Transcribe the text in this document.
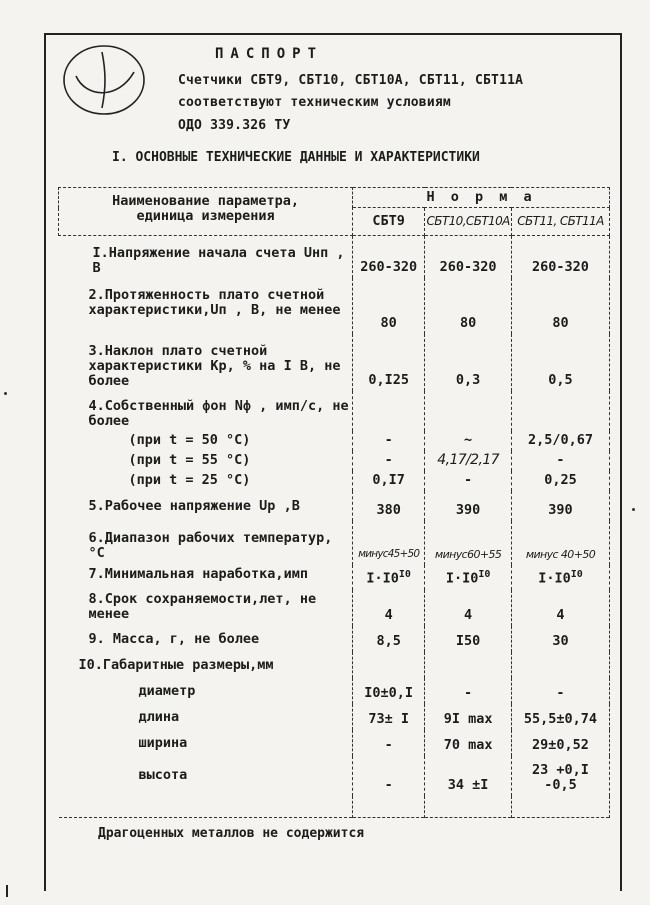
ПАСПОРТ
Счетчики СБТ9, СБТ10, СБТ10А, СБТ11, СБТ11А
соответствуют техническим условиям
ОДО 339.326 ТУ
I. ОСНОВНЫЕ ТЕХНИЧЕСКИЕ ДАННЫЕ И ХАРАКТЕРИСТИКИ
Наименование параметра, единица измерения	Н о р м а		
	СБТ9	СБТ10,СБТ10А	СБТ11, СБТ11А
I.Напряжение начала счета Uнп , В	260-320	260-320	260-320
2.Протяженность плато счетной характеристики,Uп , В, не менее	80	80	80
3.Наклон плато счетной характеристики Кр, % на I В, не более	0,I25	0,3	0,5
4.Собственный фон Nф , имп/с, не более			
(при t = 50 °С)	-	~	2,5/0,67
(при t = 55 °С)	-	4,17/2,17	-
(при t = 25 °С)	0,I7	-	0,25
5.Рабочее напряжение Uр ,В	380	390	390
6.Диапазон рабочих температур, °С	минус45+50	минус60+55	минус 40+50
7.Минимальная наработка,имп	$I\cdot I0^{I0}$	$I\cdot I0^{I0}$	$I\cdot I0^{I0}$
8.Срок сохраняемости,лет, не менее	4	4	4
9. Масса, г, не более	8,5	I50	30
I0.Габаритные размеры,мм			
диаметр	I0±0,I	-	-
длина	73± I	9I max	55,5±0,74
ширина	-	70 max	29±0,52
высота	-	34 ±I	23 +0,I -0,5

Драгоценных металлов не содержится
